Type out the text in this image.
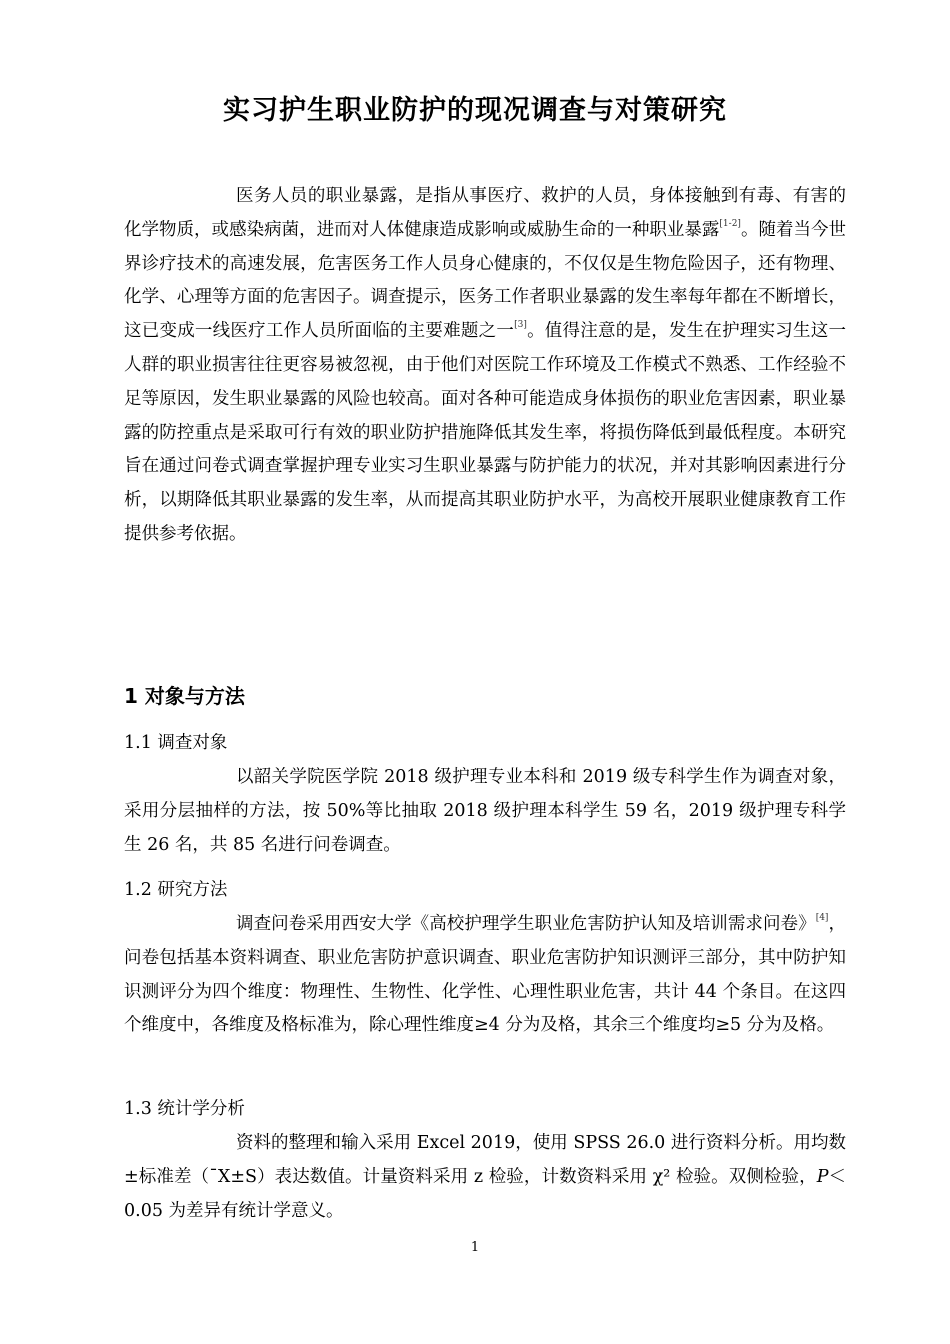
实习护生职业防护的现况调查与对策研究

医务人员的职业暴露，是指从事医疗、救护的人员，身体接触到有毒、有害的化学物质，或感染病菌，进而对人体健康造成影响或威胁生命的一种职业暴露[1-2]。随着当今世界诊疗技术的高速发展，危害医务工作人员身心健康的，不仅仅是生物危险因子，还有物理、化学、心理等方面的危害因子。调查提示，医务工作者职业暴露的发生率每年都在不断增长，这已变成一线医疗工作人员所面临的主要难题之一[3]。值得注意的是，发生在护理实习生这一人群的职业损害往往更容易被忽视，由于他们对医院工作环境及工作模式不熟悉、工作经验不足等原因，发生职业暴露的风险也较高。面对各种可能造成身体损伤的职业危害因素，职业暴露的防控重点是采取可行有效的职业防护措施降低其发生率，将损伤降低到最低程度。本研究旨在通过问卷式调查掌握护理专业实习生职业暴露与防护能力的状况，并对其影响因素进行分析，以期降低其职业暴露的发生率，从而提高其职业防护水平，为高校开展职业健康教育工作提供参考依据。

1 对象与方法
1.1 调查对象

以韶关学院医学院 2018 级护理专业本科和 2019 级专科学生作为调查对象，采用分层抽样的方法，按 50%等比抽取 2018 级护理本科学生 59 名，2019 级护理专科学生 26 名，共 85 名进行问卷调查。

1.2 研究方法

调查问卷采用西安大学《高校护理学生职业危害防护认知及培训需求问卷》[4]，问卷包括基本资料调查、职业危害防护意识调查、职业危害防护知识测评三部分，其中防护知识测评分为四个维度：物理性、生物性、化学性、心理性职业危害，共计 44 个条目。在这四个维度中，各维度及格标准为，除心理性维度≥4 分为及格，其余三个维度均≥5 分为及格。

1.3 统计学分析

资料的整理和输入采用 Excel 2019，使用 SPSS 26.0 进行资料分析。用均数±标准差（¯X±S）表达数值。计量资料采用 z 检验，计数资料采用 χ² 检验。双侧检验，P＜0.05 为差异有统计学意义。

1
